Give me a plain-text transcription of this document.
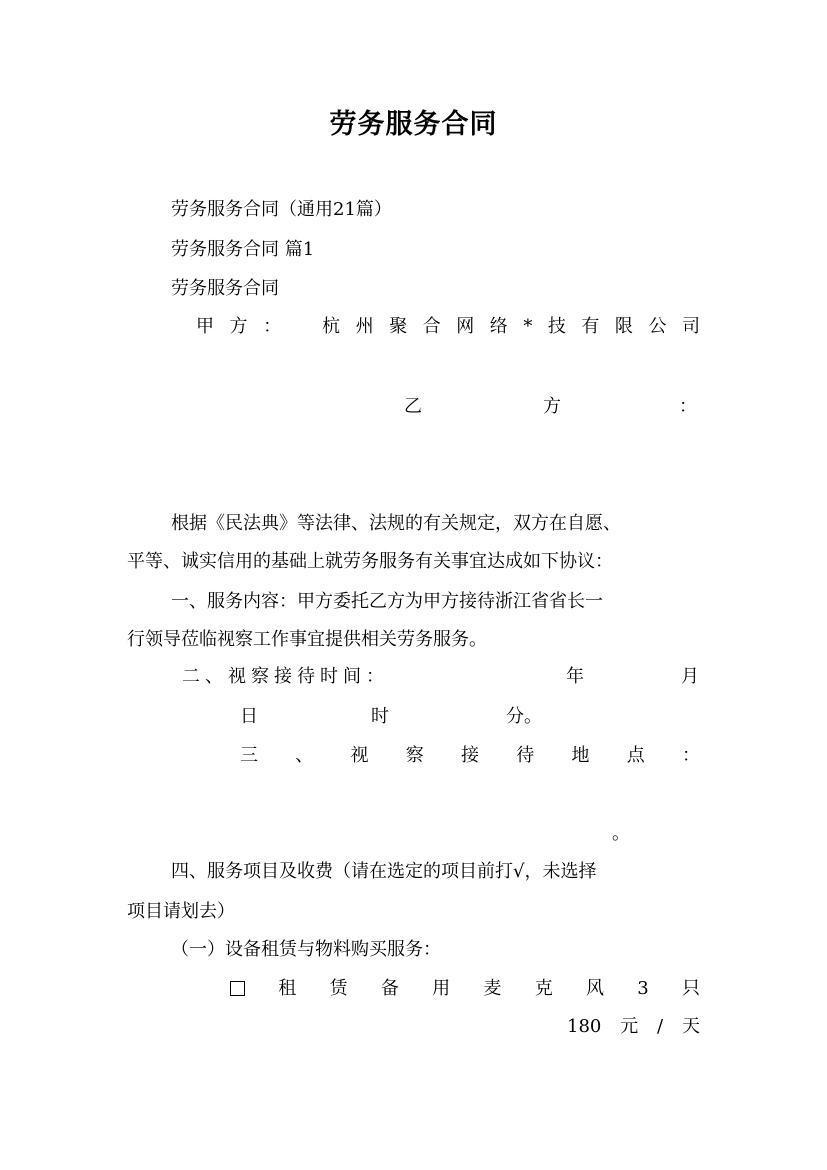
劳务服务合同
劳务服务合同（通用21篇）
劳务服务合同 篇1
劳务服务合同
甲 方 ： 杭 州 聚 合 网 络 * 技 有 限 公 司
乙	方	：
根据《民法典》等法律、法规的有关规定，双方在自愿、
平等、诚实信用的基础上就劳务服务有关事宜达成如下协议：
一、服务内容：甲方委托乙方为甲方接待浙江省省长一
行领导莅临视察工作事宜提供相关劳务服务。
二、视察接待时间：	年	月
日	时	分。
三 、 视 察 接 待 地 点 ：
。
四、服务项目及收费（请在选定的项目前打√，未选择
项目请划去）
（一）设备租赁与物料购买服务：
租 赁 备 用 麦 克 风 3 只
180 元 / 天
